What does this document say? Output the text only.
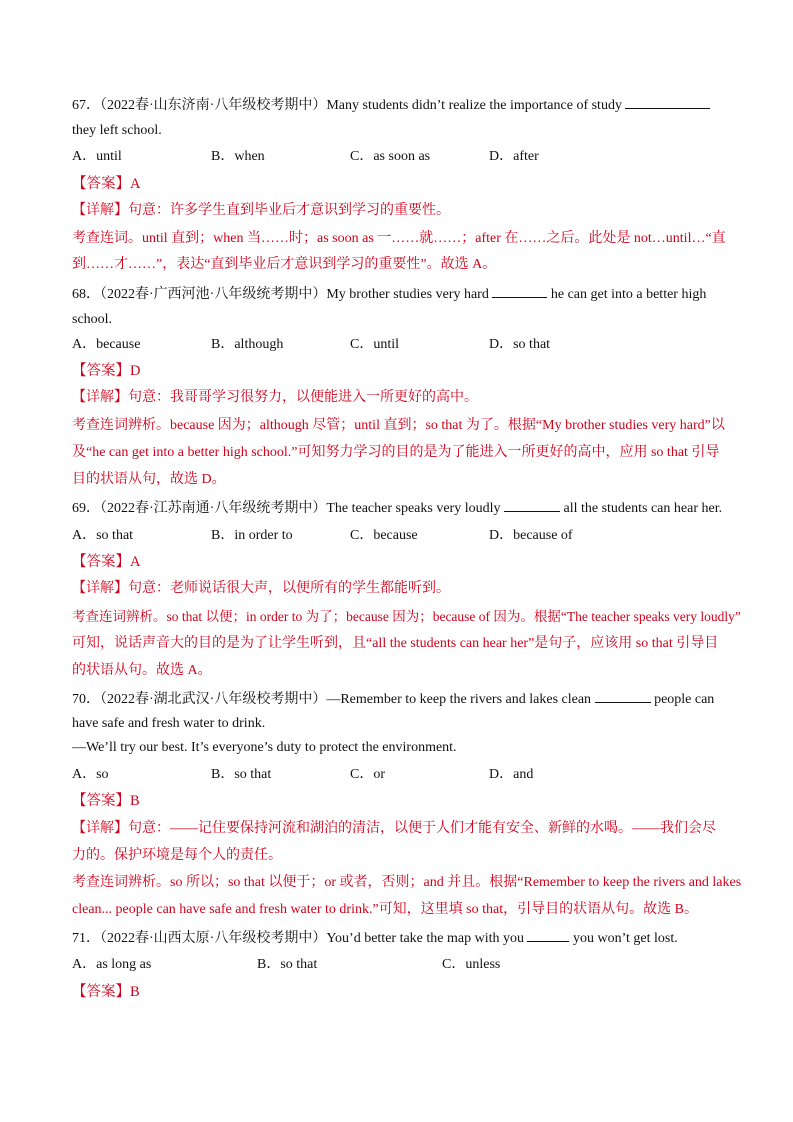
67．（2022春·山东济南·八年级校考期中）Many students didn’t realize the importance of study
they left school.
A．until	B．when	C．as soon as	D．after
【答案】A
【详解】句意：许多学生直到毕业后才意识到学习的重要性。
考查连词。until 直到；when 当……时；as soon as 一……就……；after 在……之后。此处是 not…until…“直
到……才……”，表达“直到毕业后才意识到学习的重要性”。故选 A。
68．（2022春·广西河池·八年级统考期中）My brother studies very hard	he can get into a better high
school.
A．because	B．although	C．until	D．so that
【答案】D
【详解】句意：我哥哥学习很努力，以便能进入一所更好的高中。
考查连词辨析。because 因为；although 尽管；until 直到；so that 为了。根据“My brother studies very hard”以
及“he can get into a better high school.”可知努力学习的目的是为了能进入一所更好的高中，应用 so that 引导
目的状语从句，故选 D。
69．（2022春·江苏南通·八年级统考期中）The teacher speaks very loudly	all the students can hear her.
A．so that	B．in order to	C．because	D．because of
【答案】A
【详解】句意：老师说话很大声，以便所有的学生都能听到。
考查连词辨析。so that 以便；in order to 为了；because 因为；because of 因为。根据“The teacher speaks very loudly”
可知，说话声音大的目的是为了让学生听到，且“all the students can hear her”是句子，应该用 so that 引导目
的状语从句。故选 A。
70．（2022春·湖北武汉·八年级校考期中）—Remember to keep the rivers and lakes clean	people can
have safe and fresh water to drink.
—We’ll try our best. It’s everyone’s duty to protect the environment.
A．so	B．so that	C．or	D．and
【答案】B
【详解】句意：——记住要保持河流和湖泊的清洁，以便于人们才能有安全、新鲜的水喝。——我们会尽
力的。保护环境是每个人的责任。
考查连词辨析。so 所以；so that 以便于；or 或者，否则；and 并且。根据“Remember to keep the rivers and lakes
clean... people can have safe and fresh water to drink.”可知，这里填 so that，引导目的状语从句。故选 B。
71．（2022春·山西太原·八年级校考期中）You’d better take the map with you	you won’t get lost.
A．as long as	B．so that	C．unless
【答案】B
